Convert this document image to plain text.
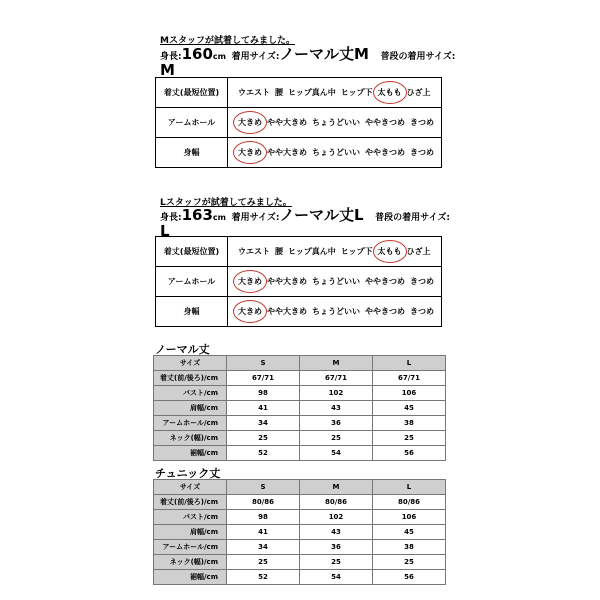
Mスタッフが試着してみました。
身長:160cm 着用サイズ:ノーマル丈M 普段の着用サイズ:
M
着丈(最短位置)	ウエスト 腰 ヒップ真ん中 ヒップ下 太もも ひざ上
アームホール	大きめ やや大きめ ちょうどいい ややきつめ きつめ
身幅	大きめ やや大きめ ちょうどいい ややきつめ きつめ
Lスタッフが試着してみました。
身長:163cm 着用サイズ:ノーマル丈L 普段の着用サイズ:
L
着丈(最短位置)	ウエスト 腰 ヒップ真ん中 ヒップ下 太もも ひざ上
アームホール	大きめ やや大きめ ちょうどいい ややきつめ きつめ
身幅	大きめ やや大きめ ちょうどいい ややきつめ きつめ
ノーマル丈
サイズ	S	M	L
着丈(前/後ろ)/cm	67/71	67/71	67/71
バスト/cm	98	102	106
肩幅/cm	41	43	45
アームホール/cm	34	36	38
ネック(幅)/cm	25	25	25
裾幅/cm	52	54	56
チュニック丈
サイズ	S	M	L
着丈(前/後ろ)/cm	80/86	80/86	80/86
バスト/cm	98	102	106
肩幅/cm	41	43	45
アームホール/cm	34	36	38
ネック(幅)/cm	25	25	25
裾幅/cm	52	54	56
